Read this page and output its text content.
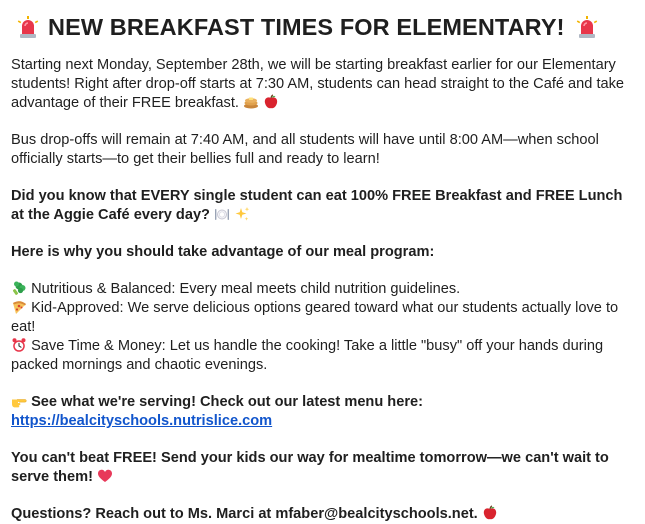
NEW BREAKFAST TIMES FOR ELEMENTARY!

Starting next Monday, September 28th, we will be starting breakfast earlier for our Elementary students! Right after drop-off starts at 7:30 AM, students can head straight to the Café and take advantage of their FREE breakfast.

Bus drop-offs will remain at 7:40 AM, and all students will have until 8:00 AM—when school officially starts—to get their bellies full and ready to learn!

Did you know that EVERY single student can eat 100% FREE Breakfast and FREE Lunch at the Aggie Café every day?

Here is why you should take advantage of our meal program:

Nutritious & Balanced: Every meal meets child nutrition guidelines.
Kid-Approved: We serve delicious options geared toward what our students actually love to eat!
Save Time & Money: Let us handle the cooking! Take a little "busy" off your hands during packed mornings and chaotic evenings.

See what we're serving! Check out our latest menu here:
https://bealcityschools.nutrislice.com

You can't beat FREE! Send your kids our way for mealtime tomorrow—we can't wait to serve them!

Questions? Reach out to Ms. Marci at mfaber@bealcityschools.net.
